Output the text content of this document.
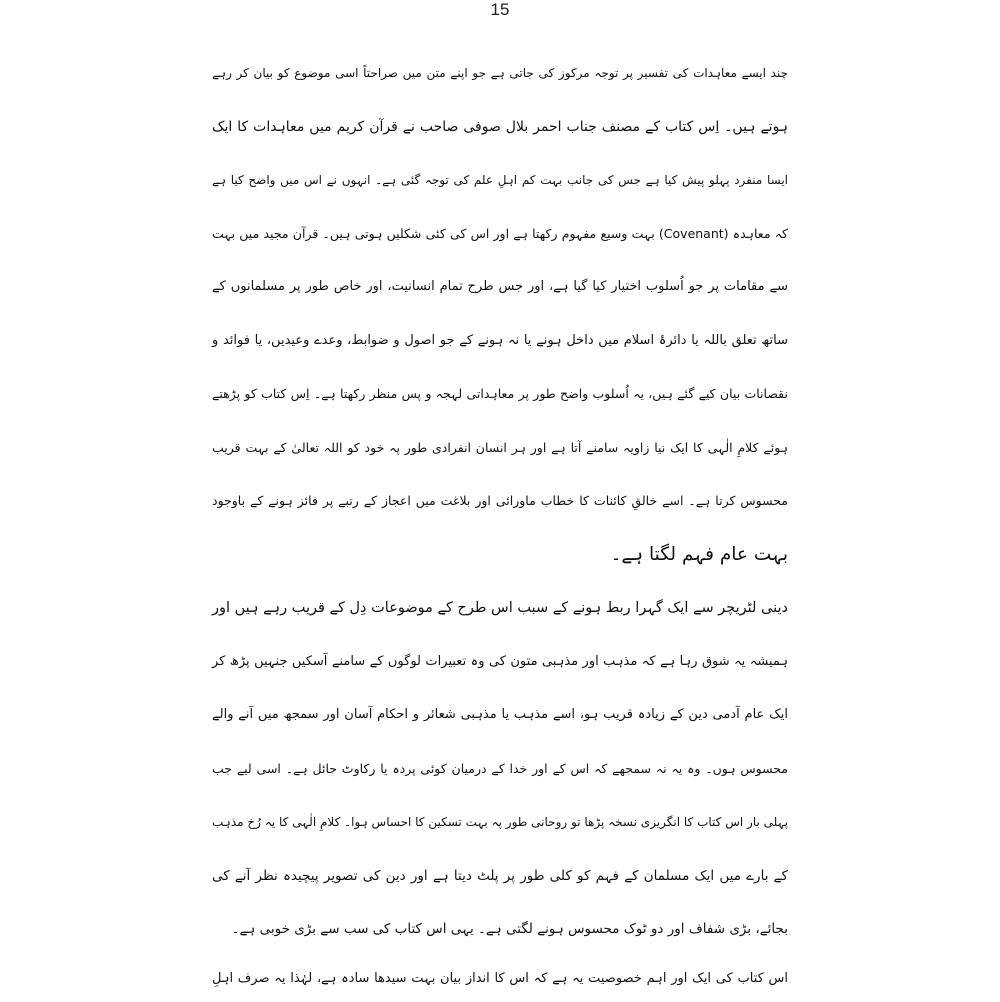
15
چند ایسے معاہدات کی تفسیر پر توجہ مرکوز کی جاتی ہے جو اپنے متن میں صراحتاً اسی موضوع کو بیان کر رہے
ہوتے ہیں۔ اِس کتاب کے مصنف جناب احمر بلال صوفی صاحب نے قرآن کریم میں معاہدات کا ایک
ایسا منفرد پہلو پیش کیا ہے جس کی جانب بہت کم اہلِ علم کی توجہ گئی ہے۔ انہوں نے اس میں واضح کیا ہے
کہ معاہدہ (Covenant) بہت وسیع مفہوم رکھتا ہے اور اس کی کئی شکلیں ہوتی ہیں۔ قرآن مجید میں بہت
سے مقامات پر جو اُسلوب اختیار کیا گیا ہے، اور جس طرح تمام انسانیت، اور خاص طور پر مسلمانوں کے
ساتھ تعلق باللہ یا دائرۂ اسلام میں داخل ہونے یا نہ ہونے کے جو اصول و ضوابط، وعدے وعیدیں، یا فوائد و
نقصانات بیان کیے گئے ہیں، یہ اُسلوب واضح طور پر معاہداتی لہجہ و پس منظر رکھتا ہے۔ اِس کتاب کو پڑھتے
ہوئے کلامِ الٰہی کا ایک نیا زاویہ سامنے آتا ہے اور ہر انسان انفرادی طور پہ خود کو اللہ تعالیٰ کے بہت قریب
محسوس کرتا ہے۔ اسے خالقِ کائنات کا خطاب ماورائی اور بلاغت میں اعجاز کے رتبے پر فائز ہونے کے باوجود
بہت عام فہم لگتا ہے۔
دینی لٹریچر سے ایک گہرا ربط ہونے کے سبب اس طرح کے موضوعات دِل کے قریب رہے ہیں اور
ہمیشہ یہ شوق رہا ہے کہ مذہب اور مذہبی متون کی وہ تعبیرات لوگوں کے سامنے آسکیں جنہیں پڑھ کر
ایک عام آدمی دین کے زیادہ قریب ہو، اسے مذہب یا مذہبی شعائر و احکام آسان اور سمجھ میں آنے والے
محسوس ہوں۔ وہ یہ نہ سمجھے کہ اس کے اور خدا کے درمیان کوئی پردہ یا رکاوٹ حائل ہے۔ اسی لیے جب
پہلی بار اس کتاب کا انگریزی نسخہ پڑھا تو روحانی طور پہ بہت تسکین کا احساس ہوا۔ کلامِ الٰہی کا یہ رُخ مذہب
کے بارے میں ایک مسلمان کے فہم کو کلی طور پر پلٹ دیتا ہے اور دین کی تصویر پیچیدہ نظر آنے کی
بجائے، بڑی شفاف اور دو ٹوک محسوس ہونے لگتی ہے۔ یہی اس کتاب کی سب سے بڑی خوبی ہے۔
اس کتاب کی ایک اور اہم خصوصیت یہ ہے کہ اس کا انداز بیان بہت سیدھا سادہ ہے، لہٰذا یہ صرف اہلِ
